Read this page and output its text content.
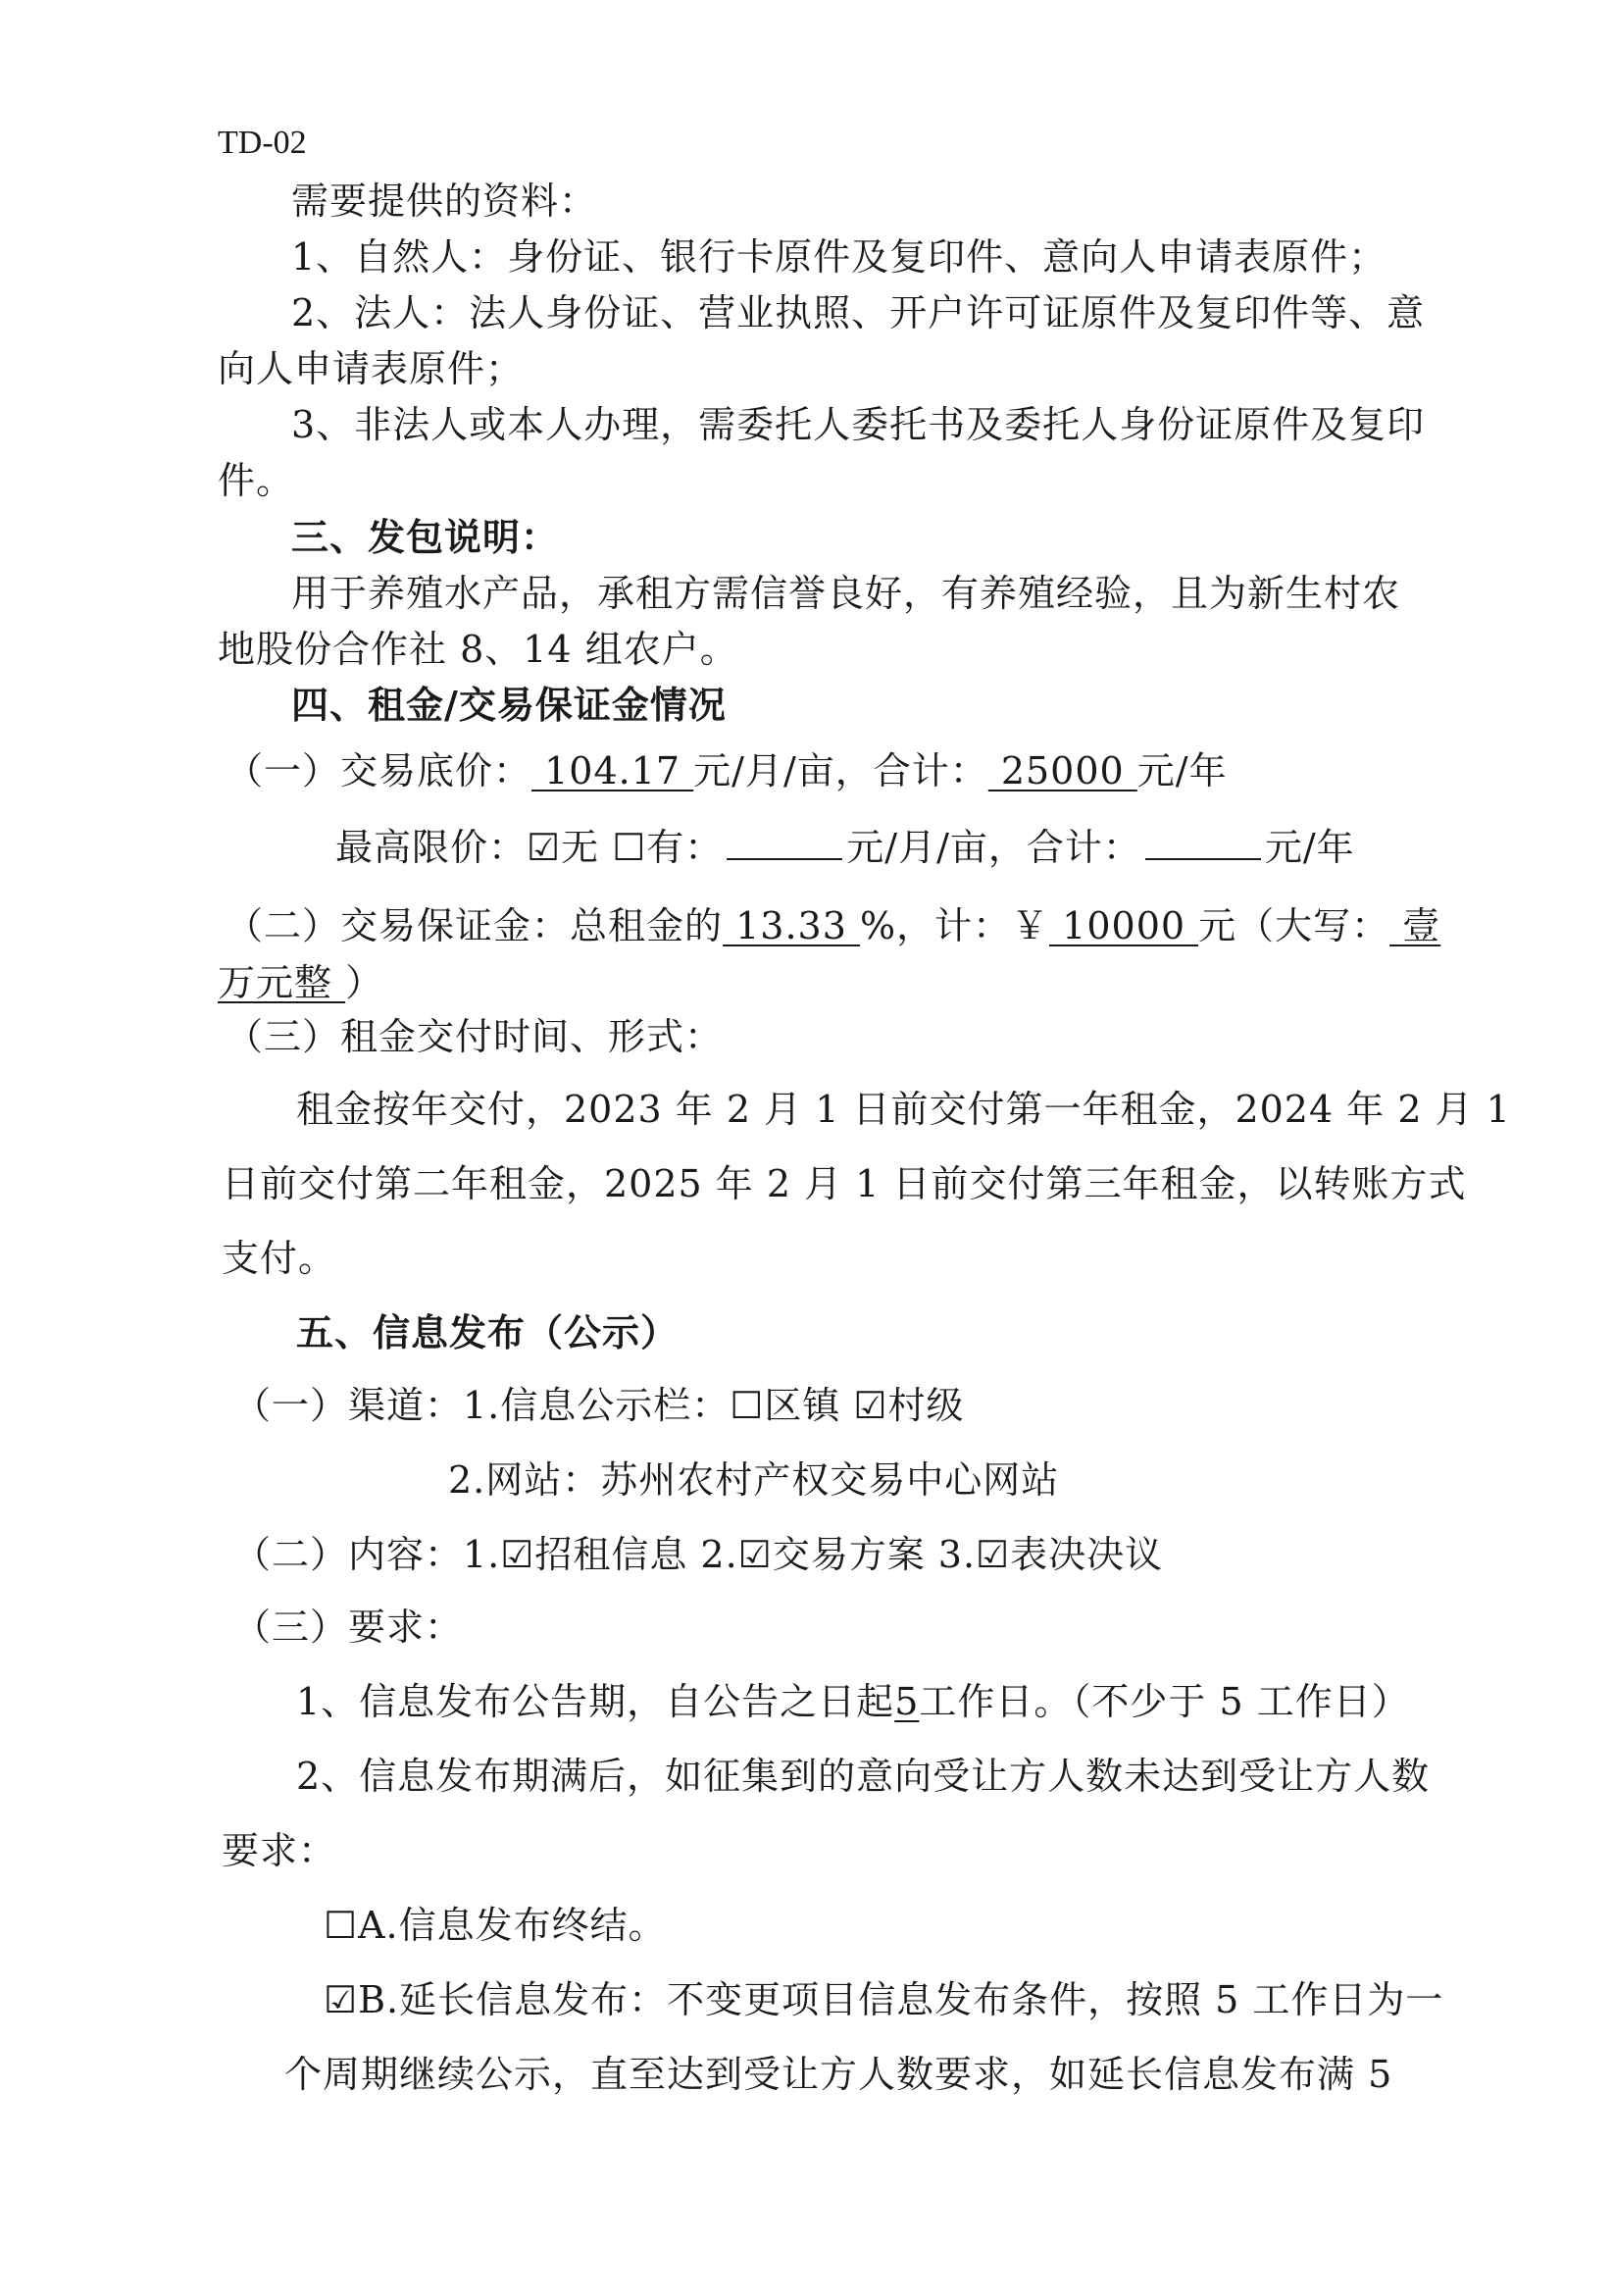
TD-02
需要提供的资料：
1、自然人：身份证、银行卡原件及复印件、意向人申请表原件；
2、法人：法人身份证、营业执照、开户许可证原件及复印件等、意
向人申请表原件；
3、非法人或本人办理，需委托人委托书及委托人身份证原件及复印
件。
三、发包说明：
用于养殖水产品，承租方需信誉良好，有养殖经验，且为新生村农
地股份合作社 8、14 组农户。
四、租金/交易保证金情况
（一）交易底价： 104.17 元/月/亩，合计： 25000 元/年
最高限价：☑无 ☐有：	元/月/亩，合计：	元/年
（二）交易保证金：总租金的 13.33 %，计：￥ 10000 元（大写： 壹
万元整 ）
（三）租金交付时间、形式：
租金按年交付，2023 年 2 月 1 日前交付第一年租金，2024 年 2 月 1
日前交付第二年租金，2025 年 2 月 1 日前交付第三年租金，以转账方式
支付。
五、信息发布（公示）
（一）渠道：1.信息公示栏：☐区镇 ☑村级
2.网站：苏州农村产权交易中心网站
（二）内容：1.☑招租信息 2.☑交易方案 3.☑表决决议
（三）要求：
1、信息发布公告期，自公告之日起5工作日。（不少于 5 工作日）
2、信息发布期满后，如征集到的意向受让方人数未达到受让方人数
要求：
☐A.信息发布终结。
☑B.延长信息发布：不变更项目信息发布条件，按照 5 工作日为一
个周期继续公示，直至达到受让方人数要求，如延长信息发布满 5
